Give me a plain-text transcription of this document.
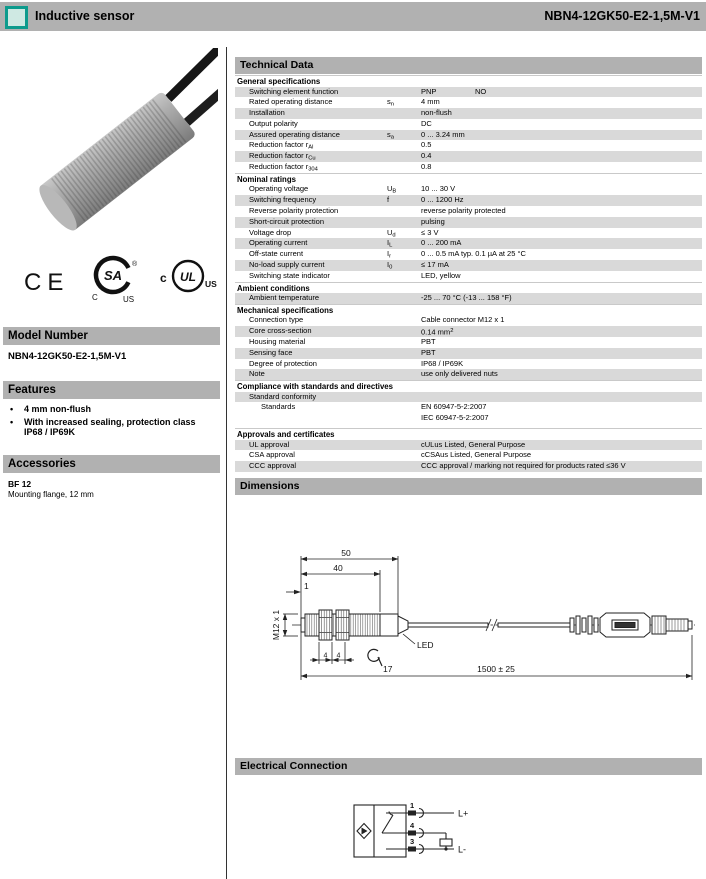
Inductive sensor	NBN4-12GK50-E2-1,5M-V1
CE	SA
C	US
®
c UL US
Model Number
NBN4-12GK50-E2-1,5M-V1
Features
• 4 mm non-flush
• With increased sealing, protection class
IP68 / IP69K
Accessories
BF 12
Mounting flange, 12 mm
Technical Data
General specifications
Switching element function	PNP	NO
Rated operating distance	$s_n$	4 mm
Installation	non-flush
Output polarity	DC
Assured operating distance	$s_a$	0 ... 3.24 mm
Reduction factor $r_{Al}$	0.5
Reduction factor $r_{Cu}$	0.4
Reduction factor $r_{304}$	0.8
Nominal ratings
Operating voltage	$U_B$	10 ... 30 V
Switching frequency	f	0 ... 1200 Hz
Reverse polarity protection	reverse polarity protected
Short-circuit protection	pulsing
Voltage drop	$U_d$	≤ 3 V
Operating current	$I_L$	0 ... 200 mA
Off-state current	$I_r$	0 ... 0.5 mA typ. 0.1 µA at 25 °C
No-load supply current	$I_0$	≤ 17 mA
Switching state indicator	LED, yellow
Ambient conditions
Ambient temperature	-25 ... 70 °C (-13 ... 158 °F)
Mechanical specifications
Connection type	Cable connector M12 x 1
Core cross-section	0.14 $mm^2$
Housing material	PBT
Sensing face	PBT
Degree of protection	IP68 / IP69K
Note	use only delivered nuts
Compliance with standards and directives
Standard conformity
Standards	EN 60947-5-2:2007
IEC 60947-5-2:2007
Approvals and certificates
UL approval	cULus Listed, General Purpose
CSA approval	cCSAus Listed, General Purpose
CCC approval	CCC approval / marking not required for products rated ≤36 V
Dimensions
50
40
1
M12 x 1
LED
4 4
17	1500 ± 25
Electrical Connection
1
4
3
L+
L-
